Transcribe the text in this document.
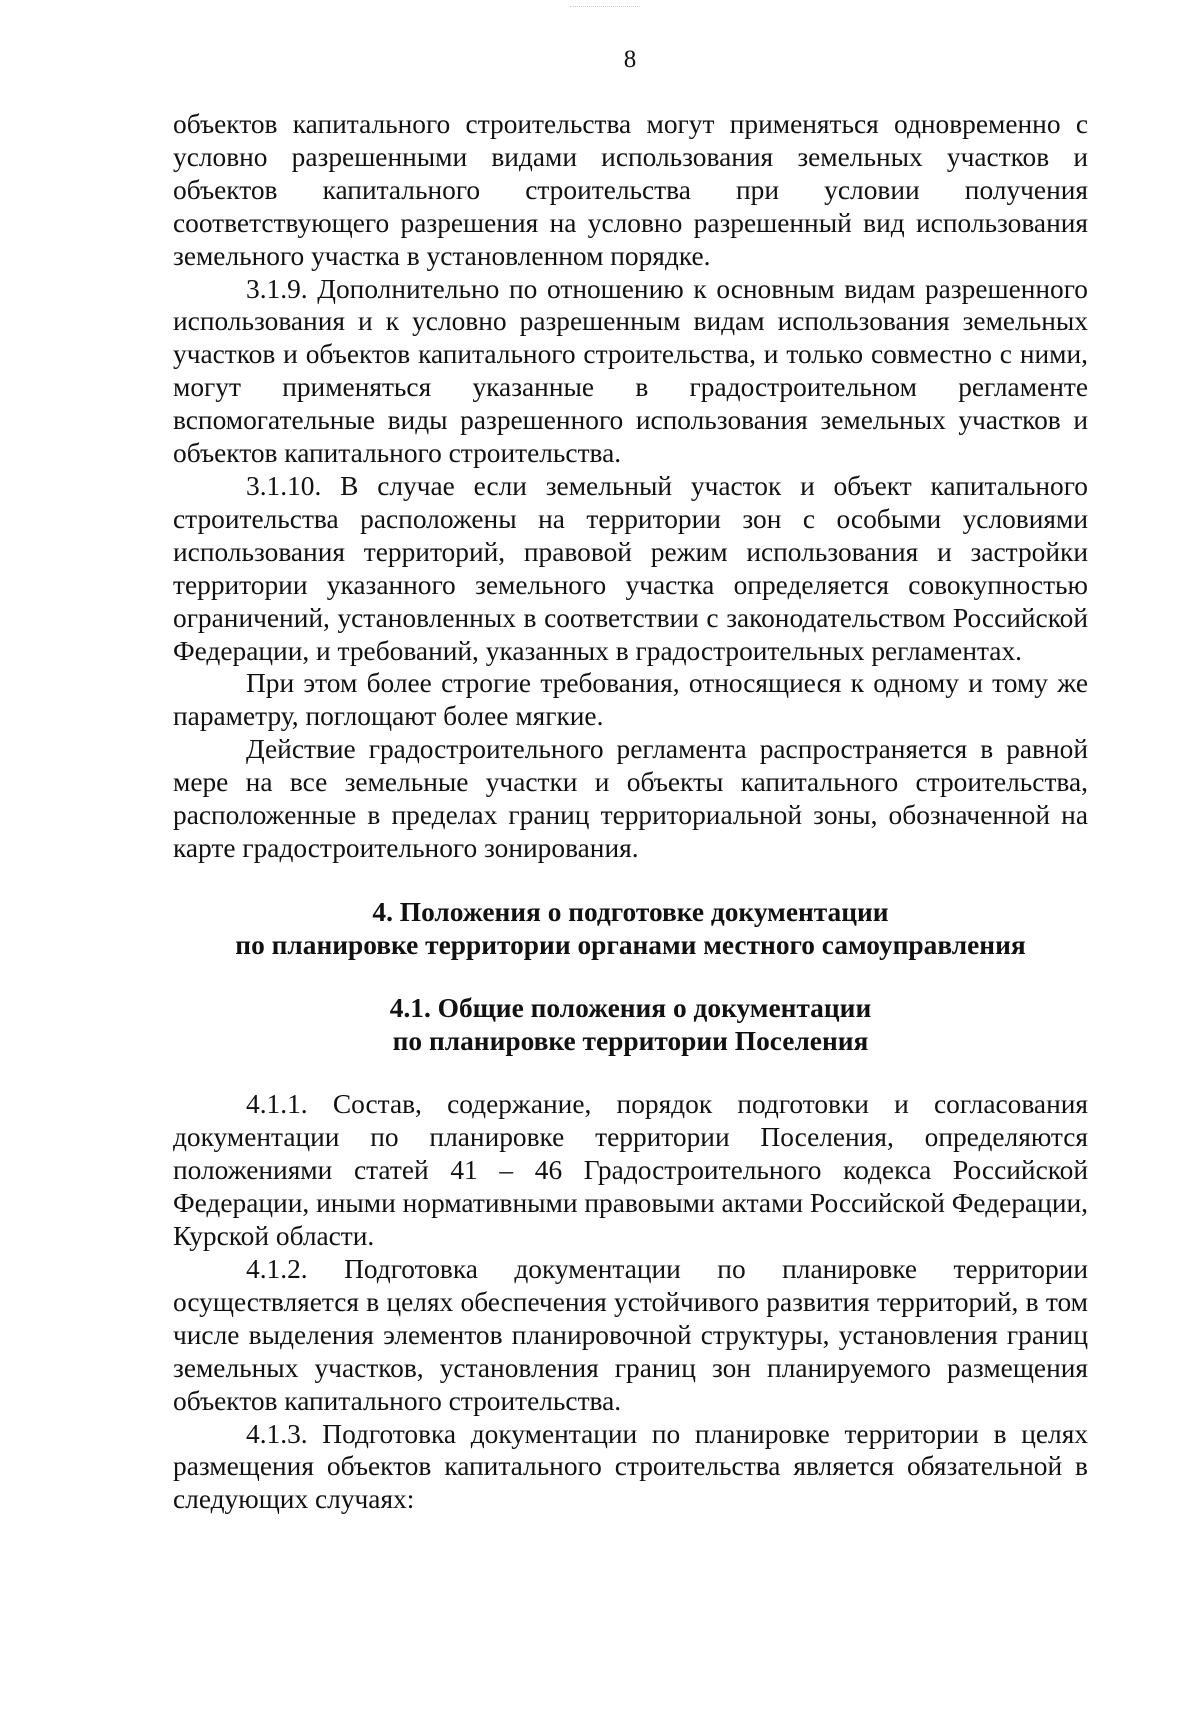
8

объектов капитального строительства могут применяться одновременно с условно разрешенными видами использования земельных участков и объектов капитального строительства при условии получения соответствующего разрешения на условно разрешенный вид использования земельного участка в установленном порядке.

3.1.9. Дополнительно по отношению к основным видам разрешенного использования и к условно разрешенным видам использования земельных участков и объектов капитального строительства, и только совместно с ними, могут применяться указанные в градостроительном регламенте вспомогательные виды разрешенного использования земельных участков и объектов капитального строительства.

3.1.10. В случае если земельный участок и объект капитального строительства расположены на территории зон с особыми условиями использования территорий, правовой режим использования и застройки территории указанного земельного участка определяется совокупностью ограничений, установленных в соответствии с законодательством Российской Федерации, и требований, указанных в градостроительных регламентах.

При этом более строгие требования, относящиеся к одному и тому же параметру, поглощают более мягкие.

Действие градостроительного регламента распространяется в равной мере на все земельные участки и объекты капитального строительства, расположенные в пределах границ территориальной зоны, обозначенной на карте градостроительного зонирования.

4. Положения о подготовке документации
по планировке территории органами местного самоуправления
4.1. Общие положения о документации
по планировке территории Поселения

4.1.1. Состав, содержание, порядок подготовки и согласования документации по планировке территории Поселения, определяются положениями статей 41 – 46 Градостроительного кодекса Российской Федерации, иными нормативными правовыми актами Российской Федерации, Курской области.

4.1.2. Подготовка документации по планировке территории осуществляется в целях обеспечения устойчивого развития территорий, в том числе выделения элементов планировочной структуры, установления границ земельных участков, установления границ зон планируемого размещения объектов капитального строительства.

4.1.3. Подготовка документации по планировке территории в целях размещения объектов капитального строительства является обязательной в следующих случаях:
